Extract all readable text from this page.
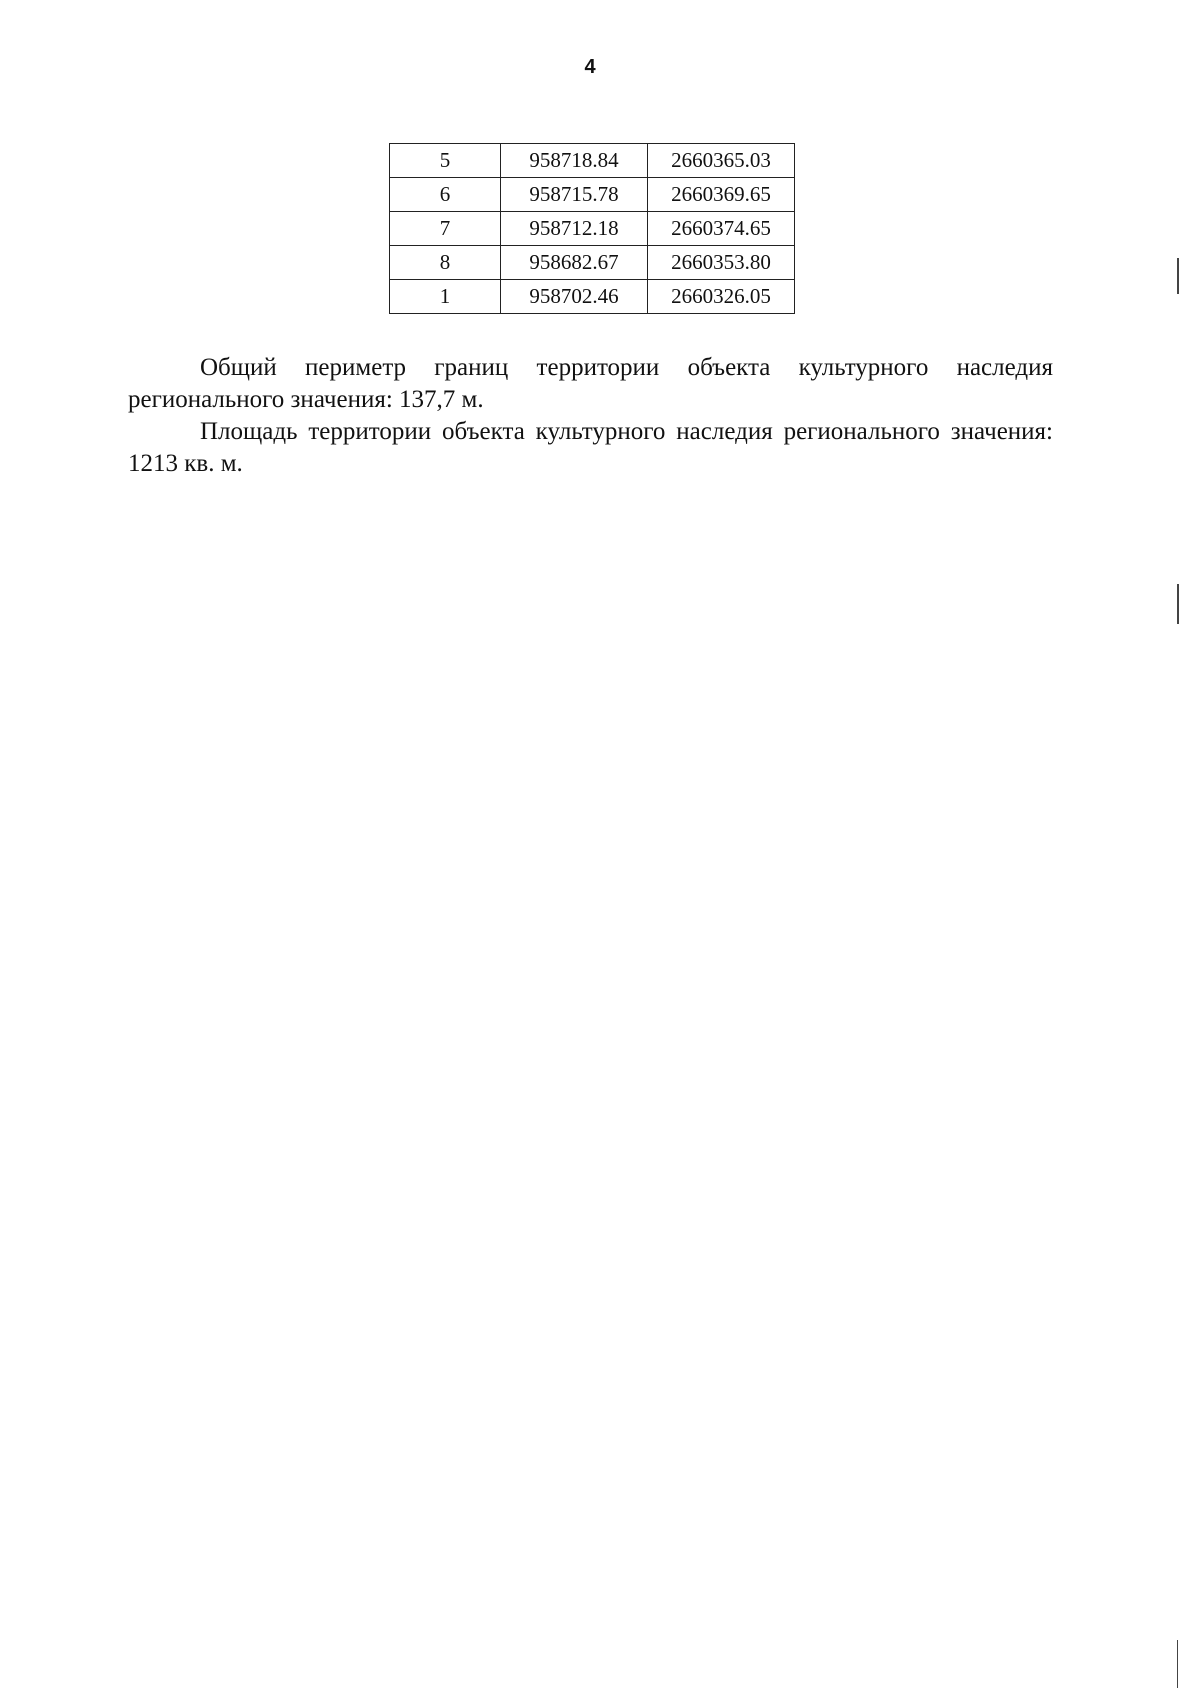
4
5	958718.84	2660365.03
6	958715.78	2660369.65
7	958712.18	2660374.65
8	958682.67	2660353.80
1	958702.46	2660326.05

Общий периметр границ территории объекта культурного наследия регионального значения: 137,7 м.

Площадь территории объекта культурного наследия регионального значения: 1213 кв. м.
